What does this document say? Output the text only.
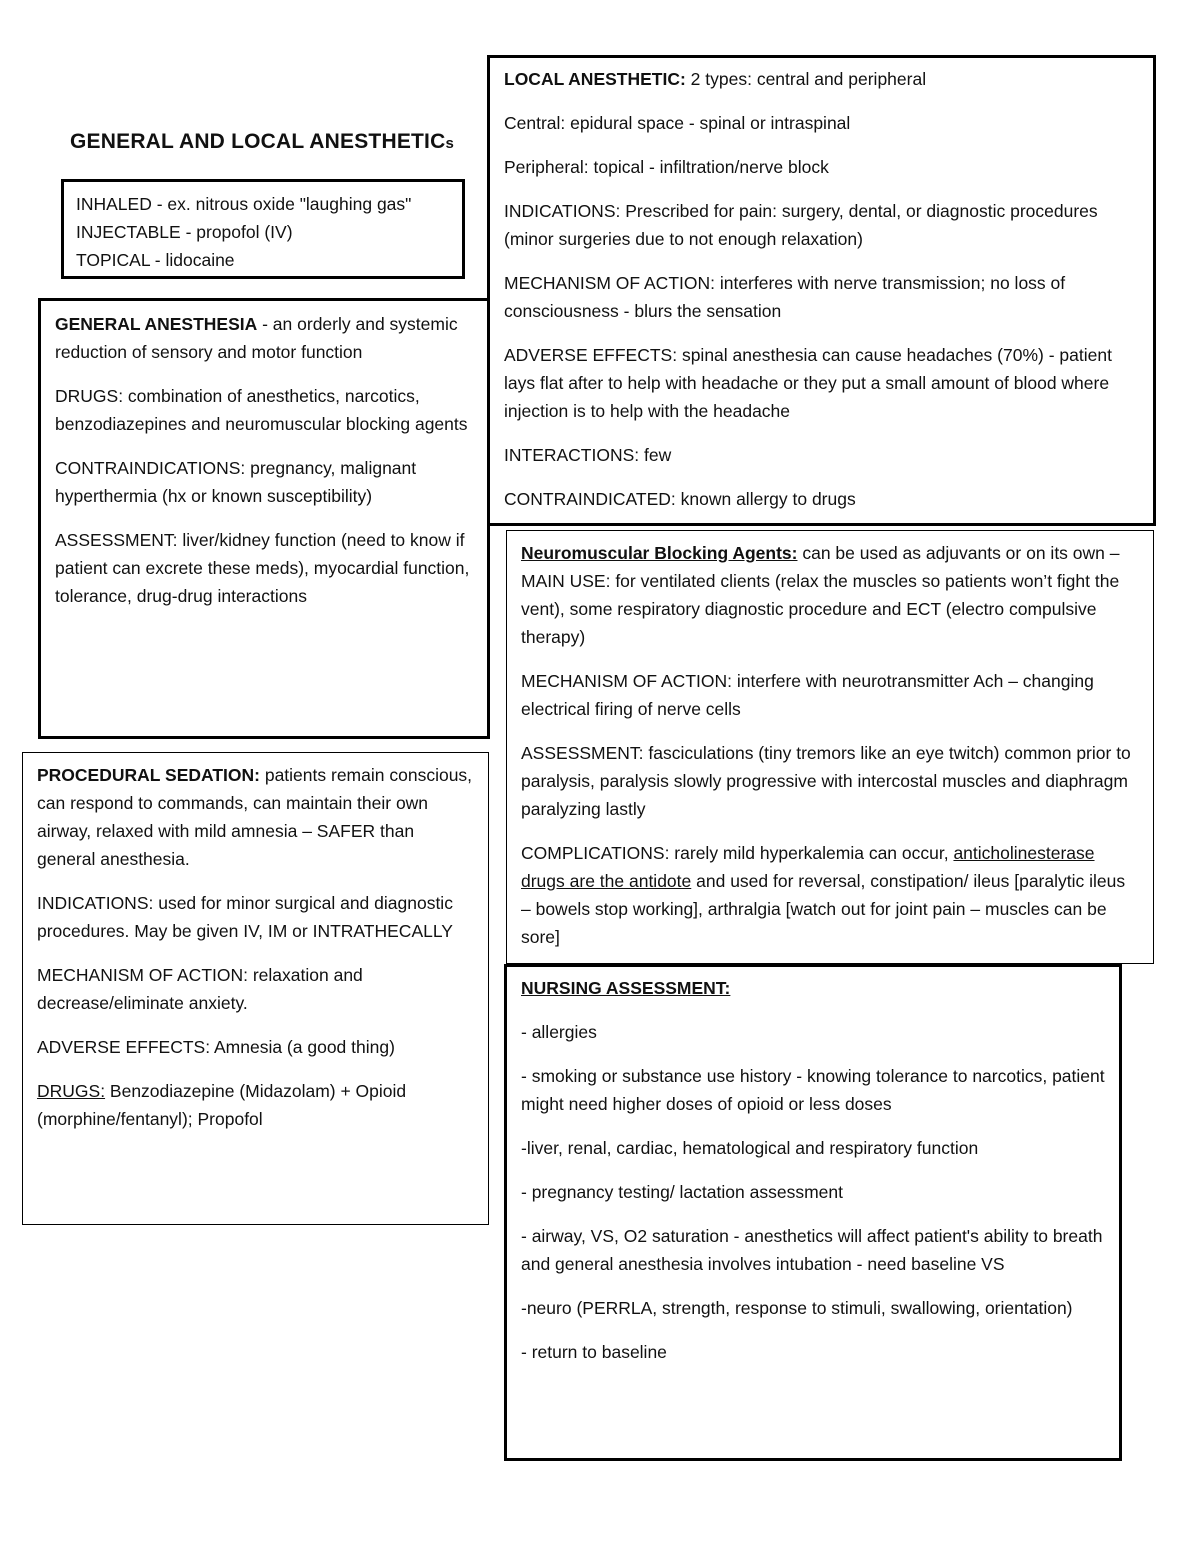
GENERAL AND LOCAL ANESTHETICs
INHALED - ex. nitrous oxide "laughing gas"
INJECTABLE - propofol (IV)
TOPICAL - lidocaine

GENERAL ANESTHESIA - an orderly and systemic reduction of sensory and motor function

DRUGS: combination of anesthetics, narcotics, benzodiazepines and neuromuscular blocking agents

CONTRAINDICATIONS: pregnancy, malignant hyperthermia (hx or known susceptibility)

ASSESSMENT: liver/kidney function (need to know if patient can excrete these meds), myocardial function, tolerance, drug-drug interactions

PROCEDURAL SEDATION: patients remain conscious, can respond to commands, can maintain their own airway, relaxed with mild amnesia – SAFER than general anesthesia.

INDICATIONS: used for minor surgical and diagnostic procedures. May be given IV, IM or INTRATHECALLY

MECHANISM OF ACTION: relaxation and decrease/eliminate anxiety.

ADVERSE EFFECTS: Amnesia (a good thing)

DRUGS: Benzodiazepine (Midazolam) + Opioid (morphine/fentanyl); Propofol

LOCAL ANESTHETIC: 2 types: central and peripheral

Central: epidural space - spinal or intraspinal

Peripheral: topical - infiltration/nerve block

INDICATIONS: Prescribed for pain: surgery, dental, or diagnostic procedures (minor surgeries due to not enough relaxation)

MECHANISM OF ACTION: interferes with nerve transmission; no loss of consciousness - blurs the sensation

ADVERSE EFFECTS: spinal anesthesia can cause headaches (70%) - patient lays flat after to help with headache or they put a small amount of blood where injection is to help with the headache

INTERACTIONS: few

CONTRAINDICATED: known allergy to drugs

Neuromuscular Blocking Agents: can be used as adjuvants or on its own – MAIN USE: for ventilated clients (relax the muscles so patients won’t fight the vent), some respiratory diagnostic procedure and ECT (electro compulsive therapy)

MECHANISM OF ACTION: interfere with neurotransmitter Ach – changing electrical firing of nerve cells

ASSESSMENT: fasciculations (tiny tremors like an eye twitch) common prior to paralysis, paralysis slowly progressive with intercostal muscles and diaphragm paralyzing lastly

COMPLICATIONS: rarely mild hyperkalemia can occur, anticholinesterase drugs are the antidote and used for reversal, constipation/ ileus [paralytic ileus – bowels stop working], arthralgia [watch out for joint pain – muscles can be sore]

NURSING ASSESSMENT:

- allergies

- smoking or substance use history - knowing tolerance to narcotics, patient might need higher doses of opioid or less doses

-liver, renal, cardiac, hematological and respiratory function

- pregnancy testing/ lactation assessment

- airway, VS, O2 saturation - anesthetics will affect patient's ability to breath and general anesthesia involves intubation - need baseline VS

-neuro (PERRLA, strength, response to stimuli, swallowing, orientation)

- return to baseline
